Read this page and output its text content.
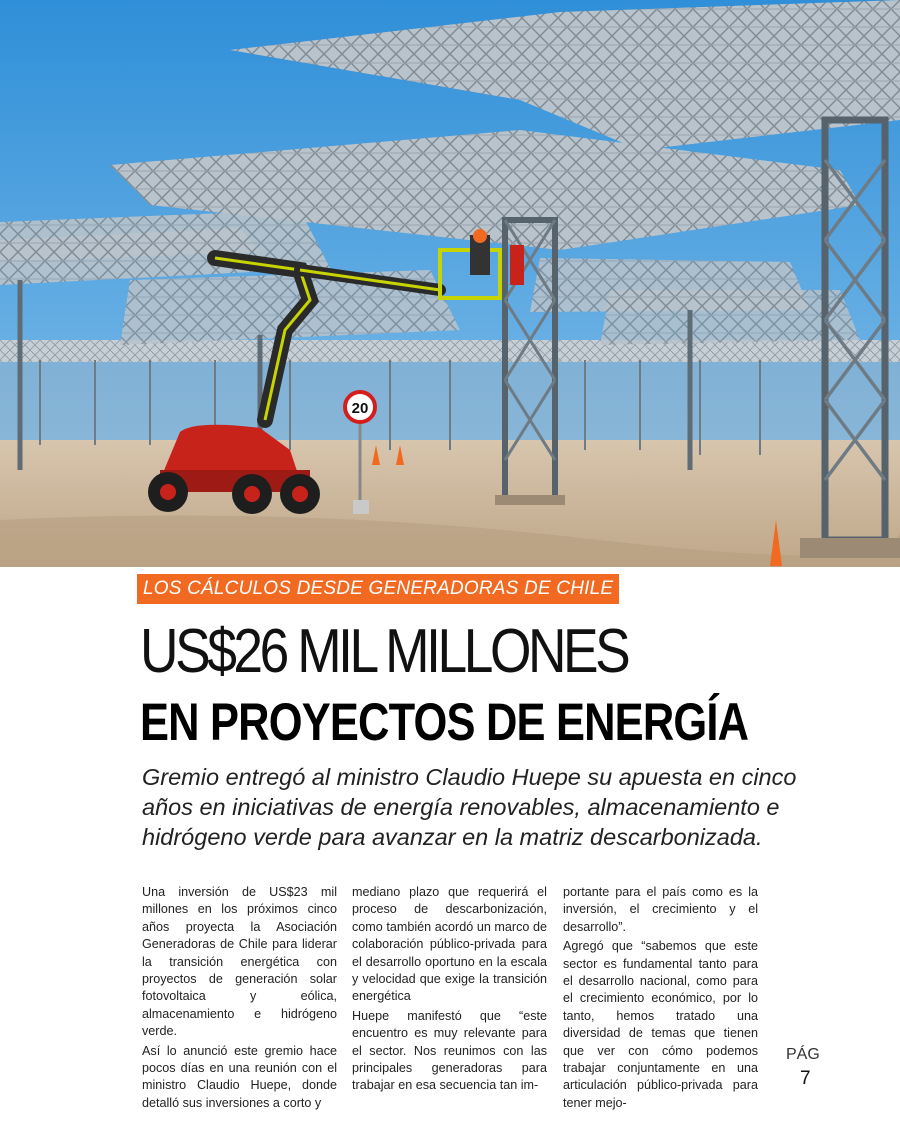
20
LOS CÁLCULOS DESDE GENERADORAS DE CHILE
US$26 MIL MILLONES
EN PROYECTOS DE ENERGÍA
Gremio entregó al ministro Claudio Huepe su apuesta en cinco años en iniciativas de energía renovables, almacenamiento e hidrógeno verde para avanzar en la matriz descarbonizada.

Una inversión de US$23 mil millones en los próximos cinco años proyecta la Asociación Generadoras de Chile para liderar la transición energética con proyectos de generación solar fotovoltaica y eólica, almacenamiento e hidrógeno verde.

Así lo anunció este gremio hace pocos días en una reunión con el ministro Claudio Huepe, donde detalló sus inversiones a corto y

mediano plazo que requerirá el proceso de descarbonización, como también acordó un marco de colaboración público-privada para el desarrollo oportuno en la escala y velocidad que exige la transición energética

Huepe manifestó que “este encuentro es muy relevante para el sector. Nos reunimos con las principales generadoras para trabajar en esa secuencia tan im-

portante para el país como es la inversión, el crecimiento y el desarrollo”.

Agregó que “sabemos que este sector es fundamental tanto para el desarrollo nacional, como para el crecimiento económico, por lo tanto, hemos tratado una diversidad de temas que tienen que ver con cómo podemos trabajar conjuntamente en una articulación público-privada para tener mejo-

PÁG
7
